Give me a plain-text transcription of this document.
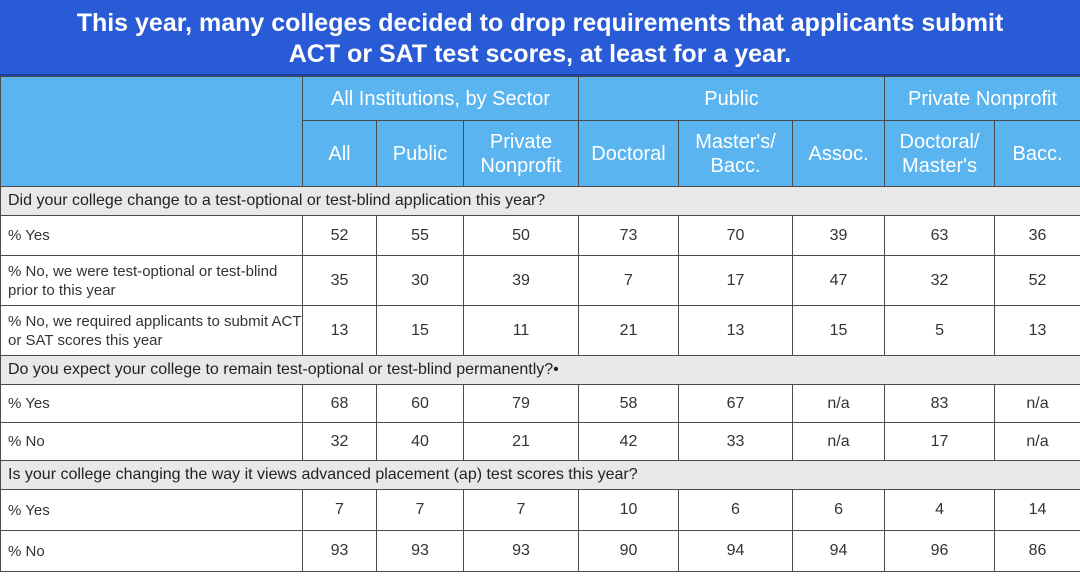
This year, many colleges decided to drop requirements that applicants submit
ACT or SAT test scores, at least for a year.
	All Institutions, by Sector			Public			Private Nonprofit	
	All	Public	Private Nonprofit	Doctoral	Master's/ Bacc.	Assoc.	Doctoral/ Master's	Bacc.
Did your college change to a test-optional or test-blind application this year?								
% Yes	52	55	50	73	70	39	63	36
% No, we were test-optional or test-blind prior to this year	35	30	39	7	17	47	32	52
% No, we required applicants to submit ACT or SAT scores this year	13	15	11	21	13	15	5	13
Do you expect your college to remain test-optional or test-blind permanently?•								
% Yes	68	60	79	58	67	n/a	83	n/a
% No	32	40	21	42	33	n/a	17	n/a
Is your college changing the way it views advanced placement (ap) test scores this year?								
% Yes	7	7	7	10	6	6	4	14
% No	93	93	93	90	94	94	96	86
